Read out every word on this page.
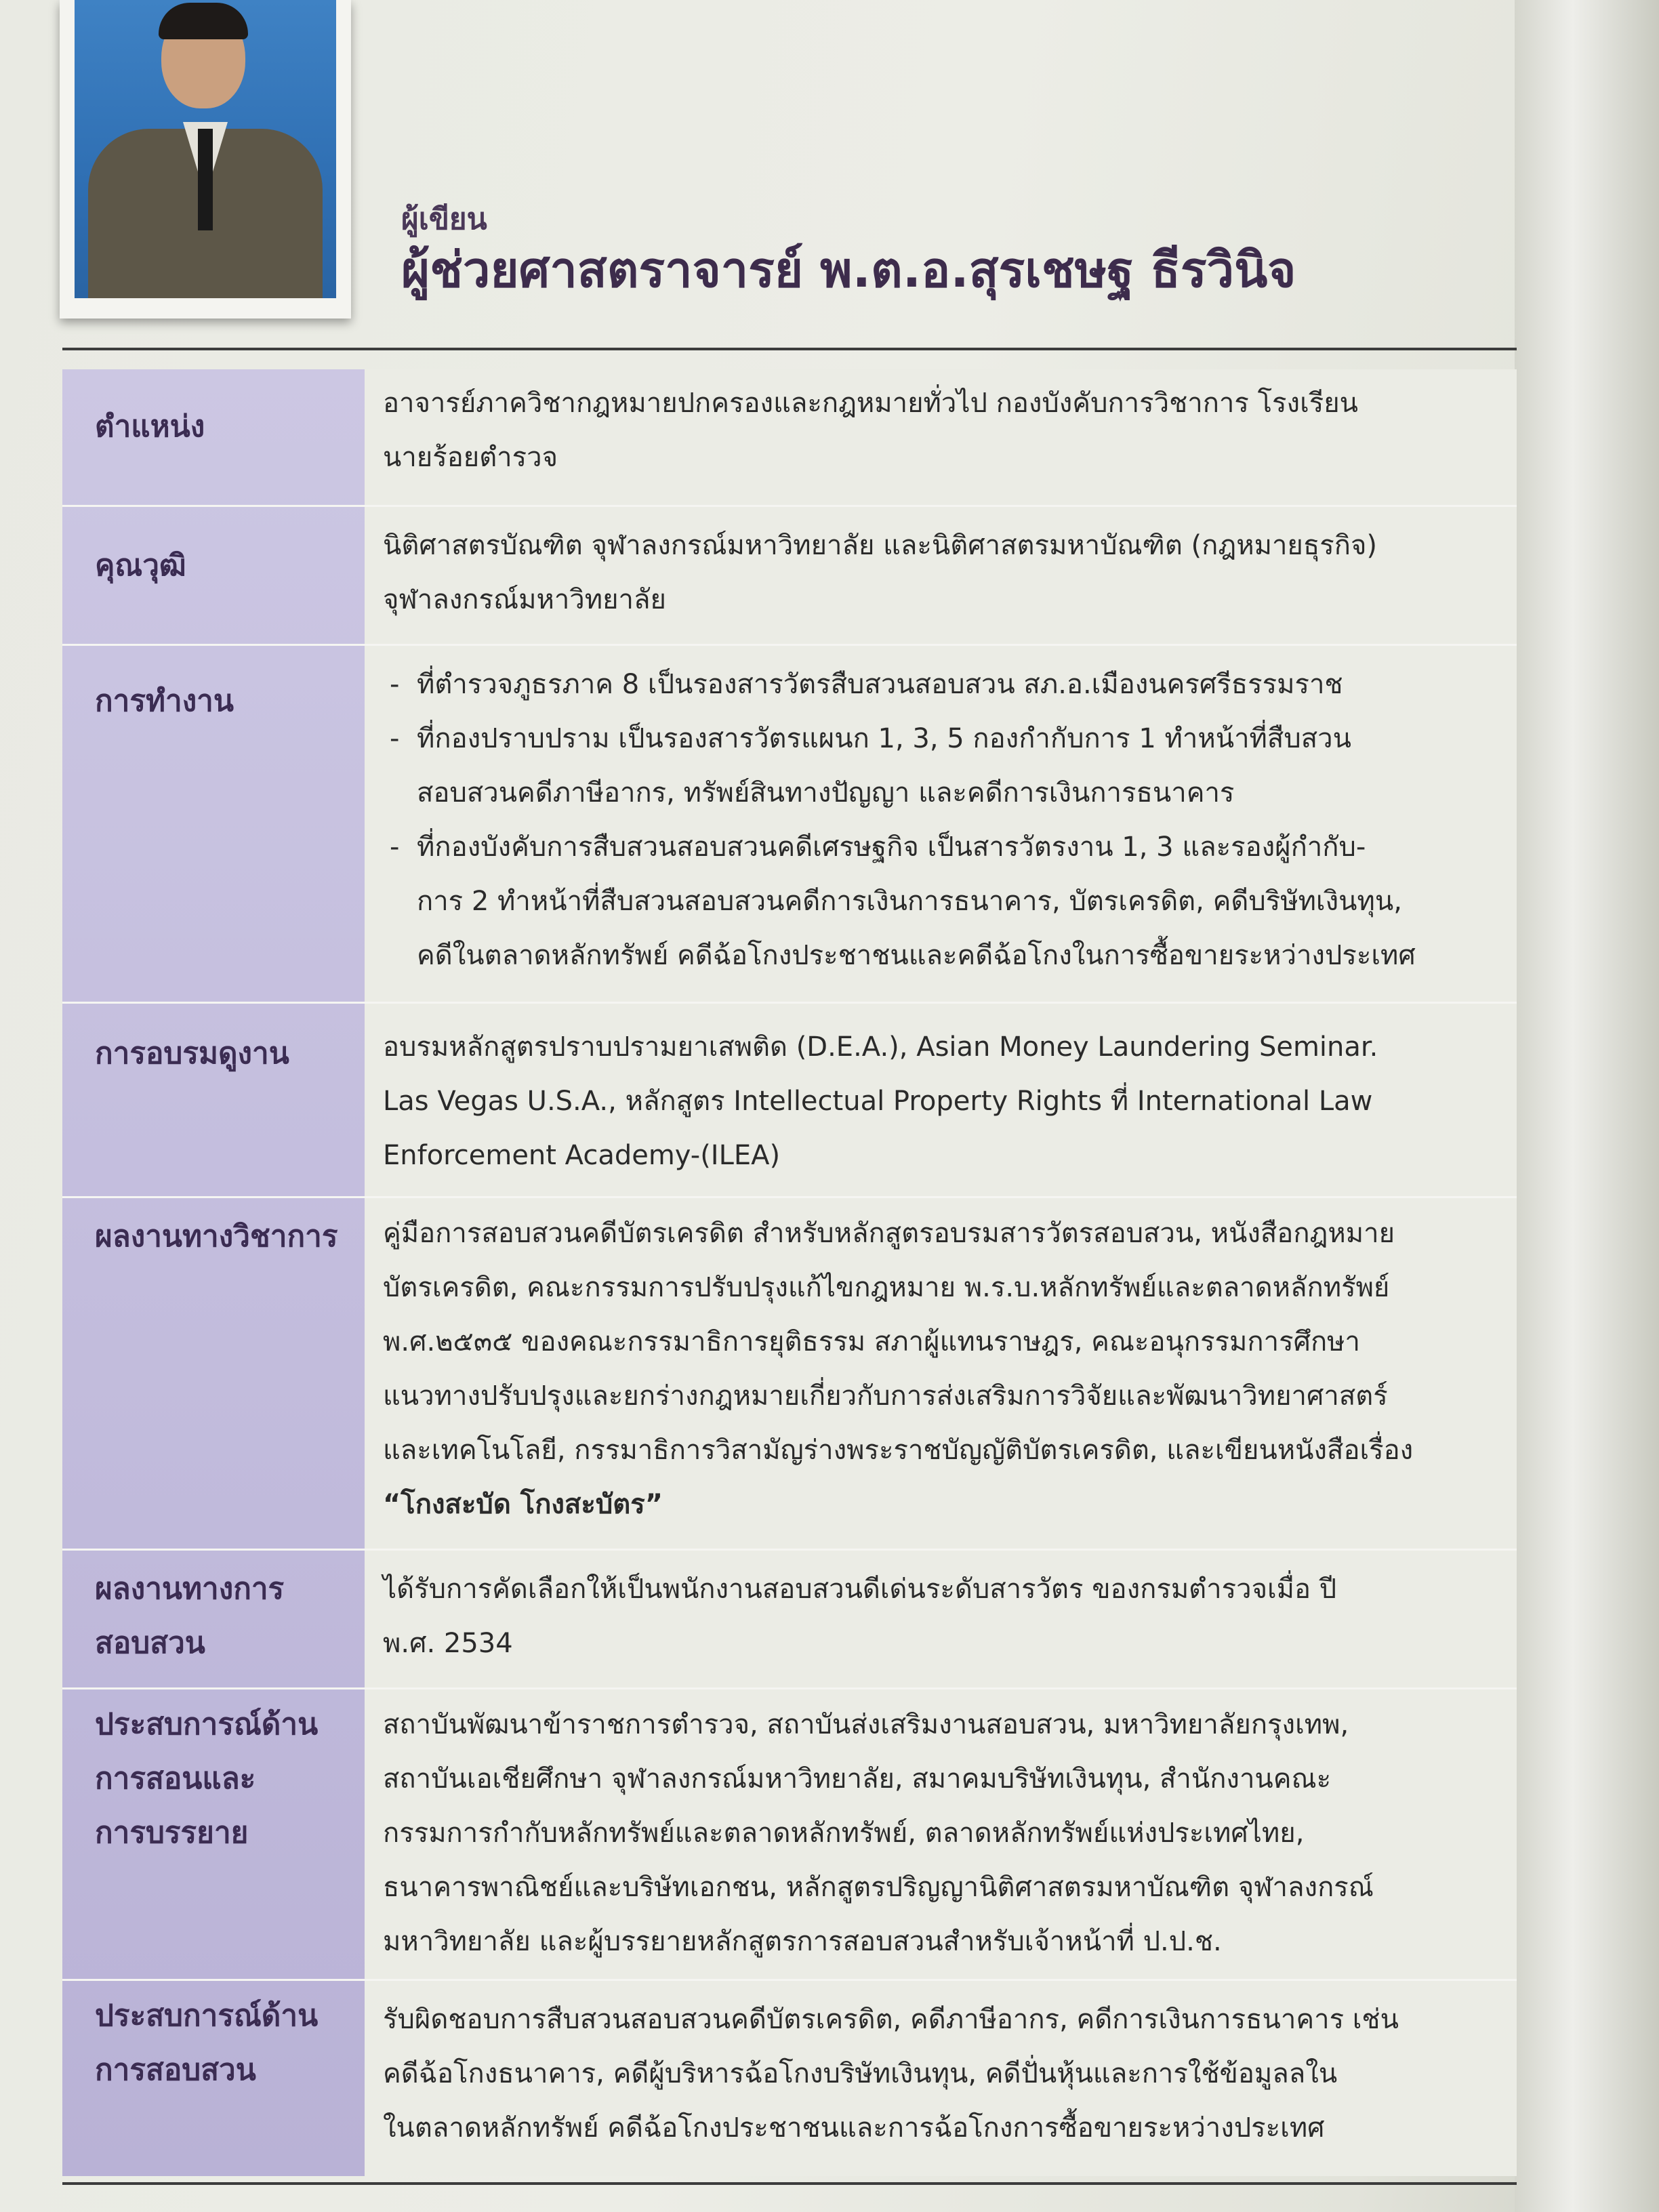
ผู้เขียน
ผู้ช่วยศาสตราจารย์ พ.ต.อ.สุรเชษฐ ธีรวินิจ
ตำแหน่ง
อาจารย์ภาควิชากฎหมายปกครองและกฎหมายทั่วไป กองบังคับการวิชาการ โรงเรียน
นายร้อยตำรวจ
คุณวุฒิ
นิติศาสตรบัณฑิต จุฬาลงกรณ์มหาวิทยาลัย และนิติศาสตรมหาบัณฑิต (กฎหมายธุรกิจ)
จุฬาลงกรณ์มหาวิทยาลัย
การทำงาน
-	ที่ตำรวจภูธรภาค 8 เป็นรองสารวัตรสืบสวนสอบสวน สภ.อ.เมืองนครศรีธรรมราช
- ที่กองปราบปราม เป็นรองสารวัตรแผนก 1, 3, 5 กองกำกับการ 1 ทำหน้าที่สืบสวน
สอบสวนคดีภาษีอากร, ทรัพย์สินทางปัญญา และคดีการเงินการธนาคาร
- ที่กองบังคับการสืบสวนสอบสวนคดีเศรษฐกิจ เป็นสารวัตรงาน 1, 3 และรองผู้กำกับ-
การ 2 ทำหน้าที่สืบสวนสอบสวนคดีการเงินการธนาคาร, บัตรเครดิต, คดีบริษัทเงินทุน,
คดีในตลาดหลักทรัพย์ คดีฉ้อโกงประชาชนและคดีฉ้อโกงในการซื้อขายระหว่างประเทศ
การอบรมดูงาน	อบรมหลักสูตรปราบปรามยาเสพติด (D.E.A.), Asian Money Laundering Seminar.
Las Vegas U.S.A., หลักสูตร Intellectual Property Rights ที่ International Law
Enforcement Academy-(ILEA)
ผลงานทางวิชาการ	คู่มือการสอบสวนคดีบัตรเครดิต สำหรับหลักสูตรอบรมสารวัตรสอบสวน, หนังสือกฎหมาย
บัตรเครดิต, คณะกรรมการปรับปรุงแก้ไขกฎหมาย พ.ร.บ.หลักทรัพย์และตลาดหลักทรัพย์
พ.ศ.๒๕๓๕ ของคณะกรรมาธิการยุติธรรม สภาผู้แทนราษฎร, คณะอนุกรรมการศึกษา
แนวทางปรับปรุงและยกร่างกฎหมายเกี่ยวกับการส่งเสริมการวิจัยและพัฒนาวิทยาศาสตร์
และเทคโนโลยี, กรรมาธิการวิสามัญร่างพระราชบัญญัติบัตรเครดิต, และเขียนหนังสือเรื่อง
“โกงสะบัด โกงสะบัตร”
ผลงานทางการ
สอบสวน
ได้รับการคัดเลือกให้เป็นพนักงานสอบสวนดีเด่นระดับสารวัตร ของกรมตำรวจเมื่อ ปี
พ.ศ. 2534
ประสบการณ์ด้าน
การสอนและ
การบรรยาย
สถาบันพัฒนาข้าราชการตำรวจ, สถาบันส่งเสริมงานสอบสวน, มหาวิทยาลัยกรุงเทพ,
สถาบันเอเชียศึกษา จุฬาลงกรณ์มหาวิทยาลัย, สมาคมบริษัทเงินทุน, สำนักงานคณะ
กรรมการกำกับหลักทรัพย์และตลาดหลักทรัพย์, ตลาดหลักทรัพย์แห่งประเทศไทย,
ธนาคารพาณิชย์และบริษัทเอกชน, หลักสูตรปริญญานิติศาสตรมหาบัณฑิต จุฬาลงกรณ์
มหาวิทยาลัย และผู้บรรยายหลักสูตรการสอบสวนสำหรับเจ้าหน้าที่ ป.ป.ช.
ประสบการณ์ด้าน
การสอบสวน
รับผิดชอบการสืบสวนสอบสวนคดีบัตรเครดิต, คดีภาษีอากร, คดีการเงินการธนาคาร เช่น
คดีฉ้อโกงธนาคาร, คดีผู้บริหารฉ้อโกงบริษัทเงินทุน, คดีปั่นหุ้นและการใช้ข้อมูลลใน
ในตลาดหลักทรัพย์ คดีฉ้อโกงประชาชนและการฉ้อโกงการซื้อขายระหว่างประเทศ
